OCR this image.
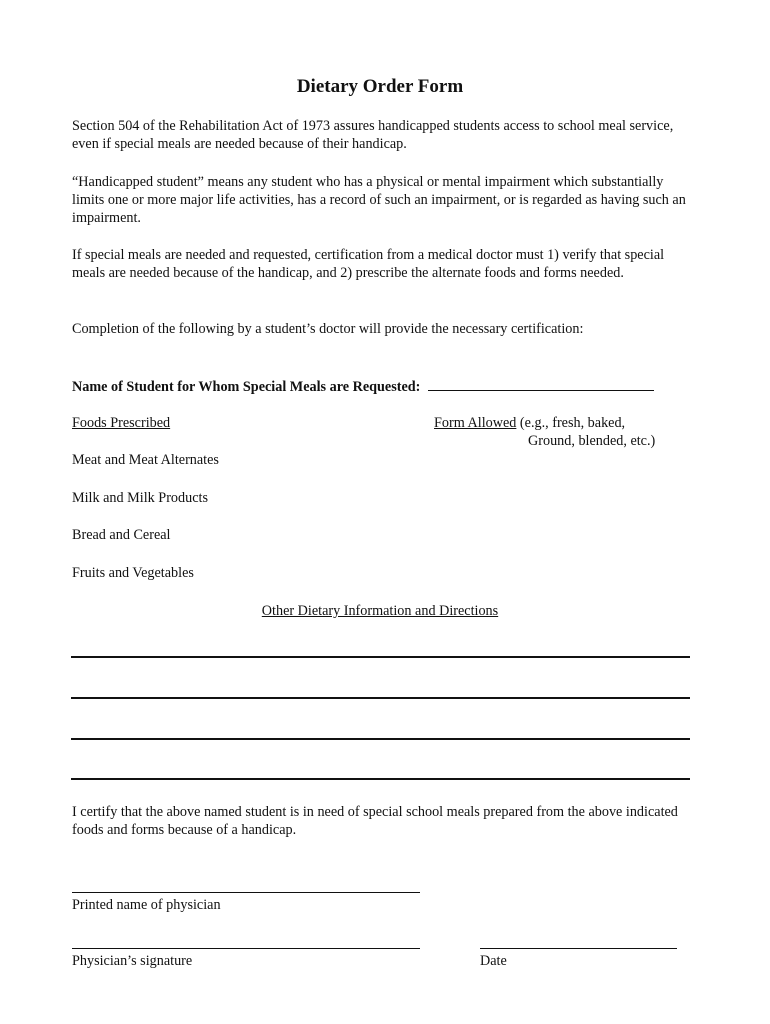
Dietary Order Form

Section 504 of the Rehabilitation Act of 1973 assures handicapped students access to school meal service, even if special meals are needed because of their handicap.

“Handicapped student” means any student who has a physical or mental impairment which substantially limits one or more major life activities, has a record of such an impairment, or is regarded as having such an impairment.

If special meals are needed and requested, certification from a medical doctor must 1) verify that special meals are needed because of the handicap, and 2) prescribe the alternate foods and forms needed.

Completion of the following by a student’s doctor will provide the necessary certification:

Name of Student for Whom Special Meals are Requested:
Foods Prescribed	Form Allowed (e.g., fresh, baked,
Ground, blended, etc.)
Meat and Meat Alternates
Milk and Milk Products
Bread and Cereal
Fruits and Vegetables
Other Dietary Information and Directions

I certify that the above named student is in need of special school meals prepared from the above indicated foods and forms because of a handicap.

Printed name of physician
Physician’s signature	Date
